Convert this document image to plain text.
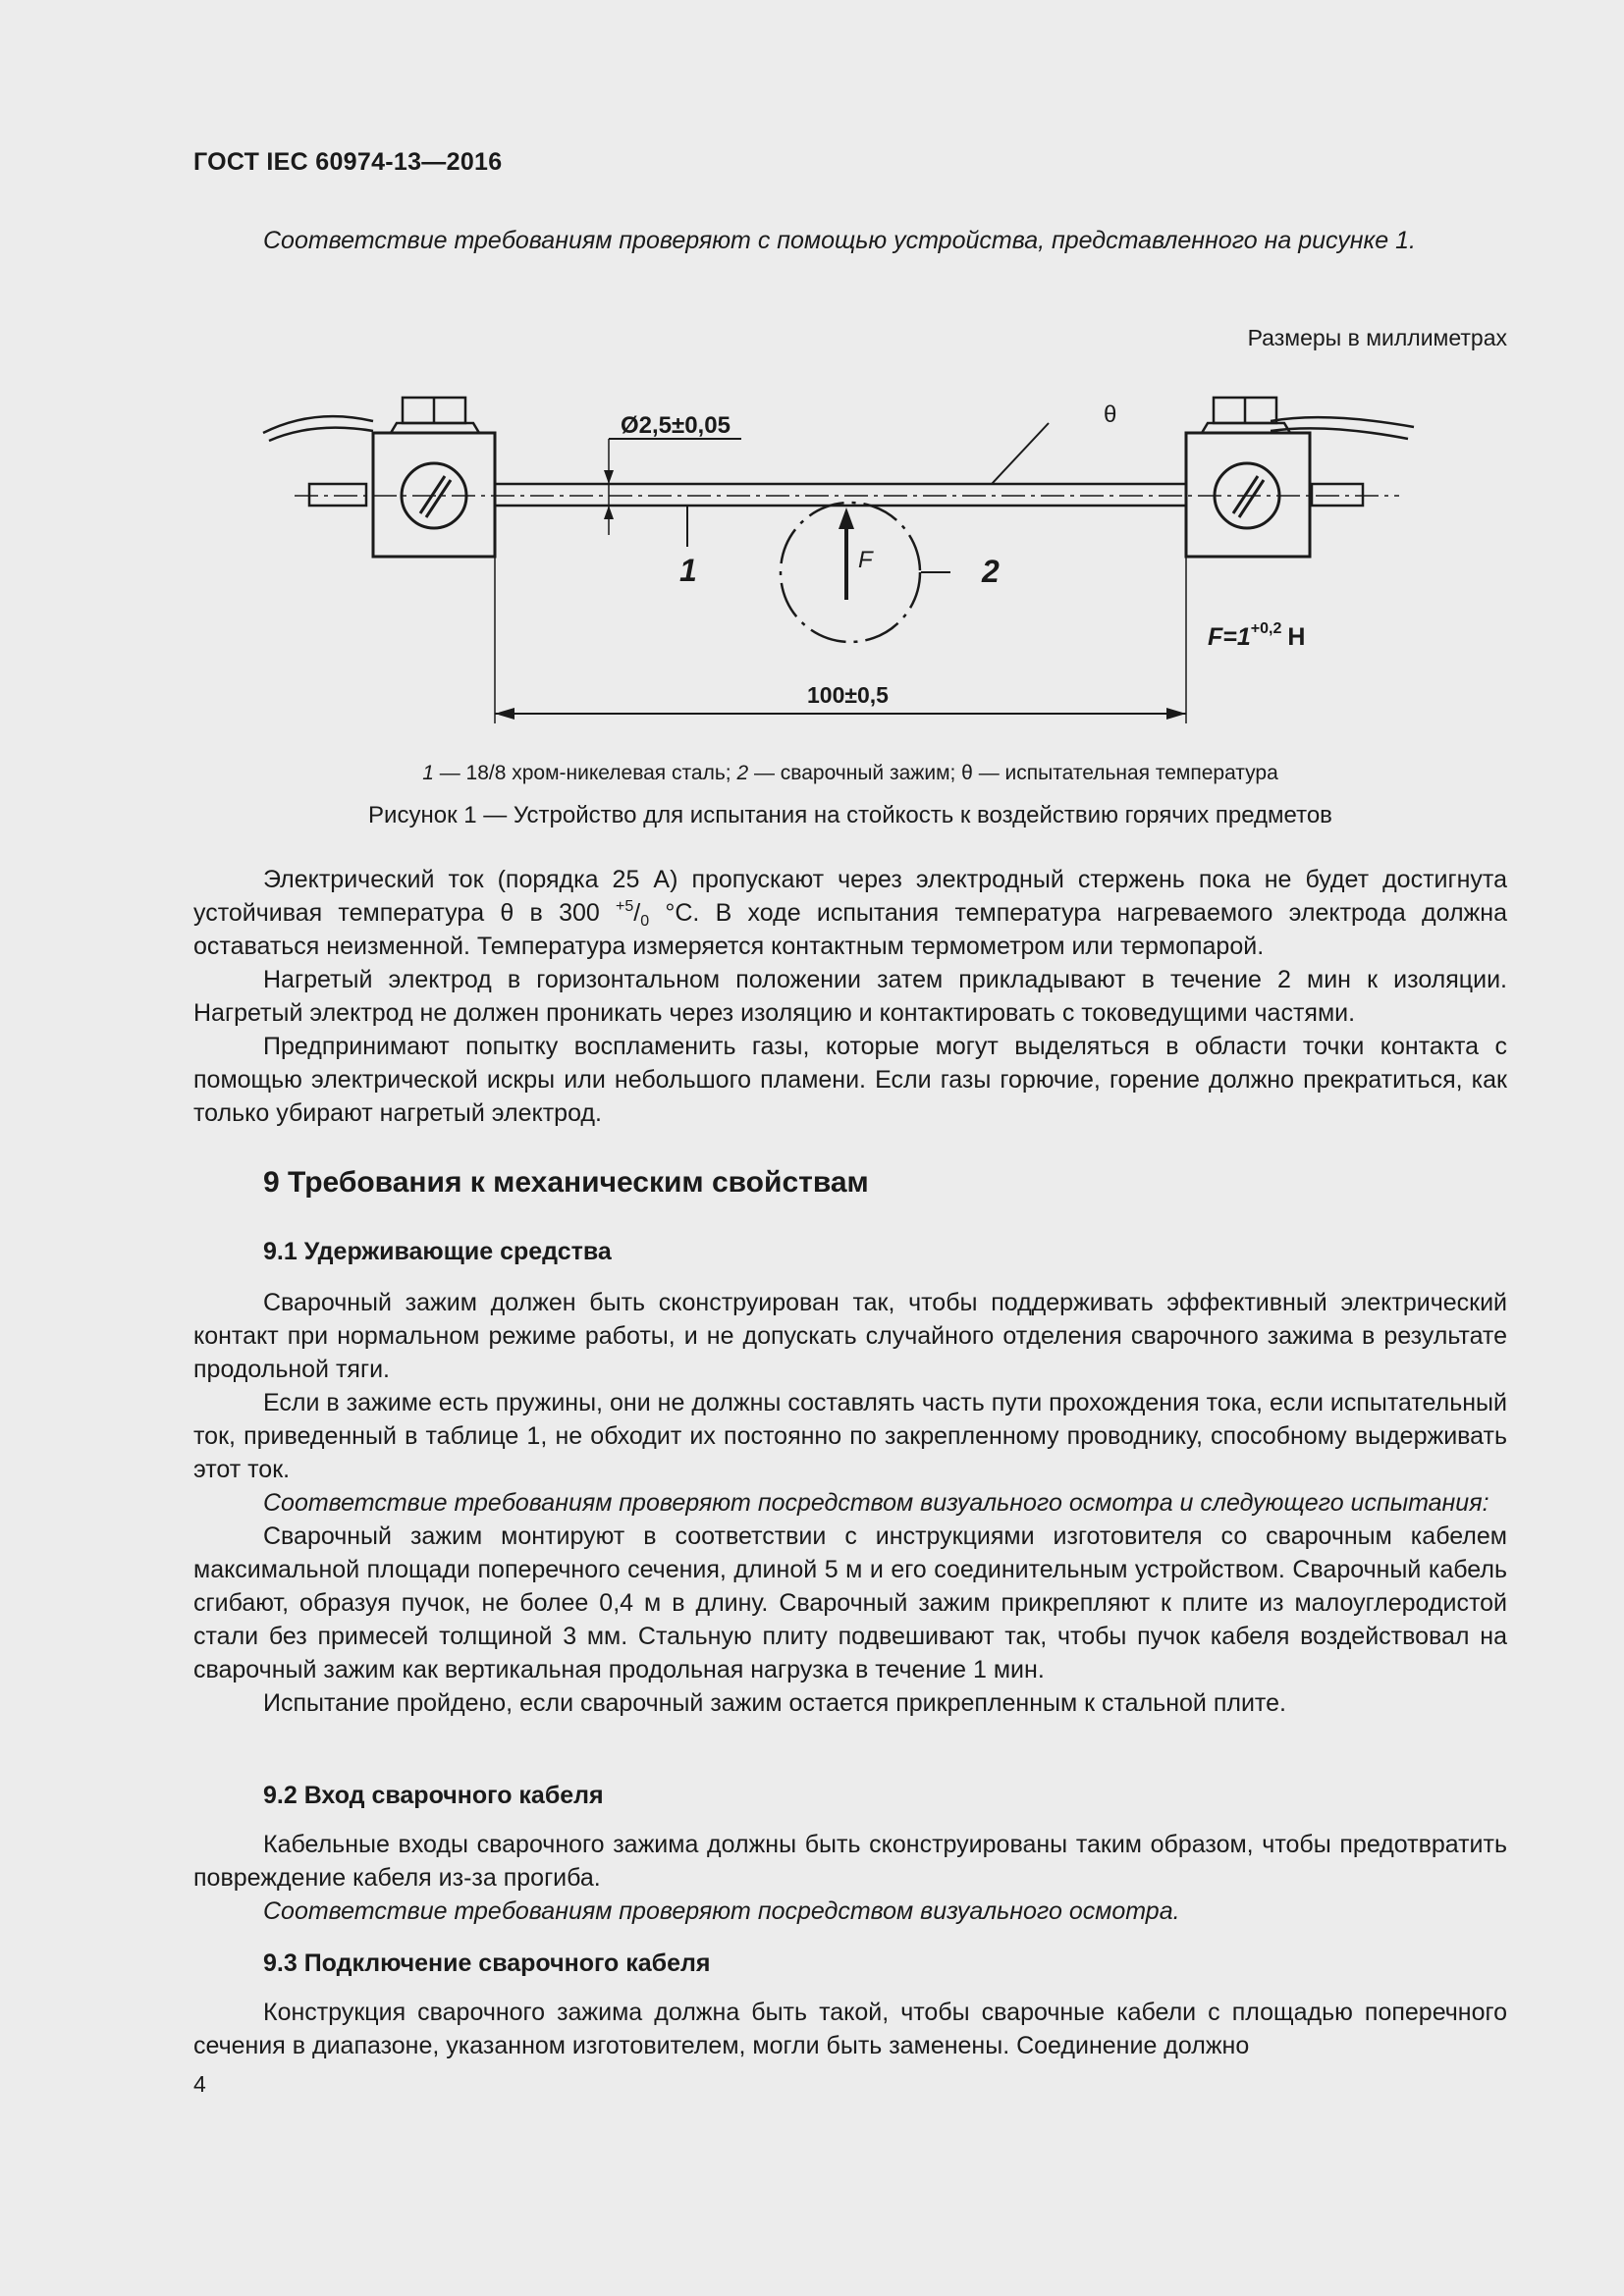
ГОСТ IEC 60974-13—2016

Соответствие требованиям проверяют с помощью устройства, представленного на рисунке 1.

Размеры в миллиметрах
Ø2,5±0,05	θ
1	2
F
$F=1^{+0,2}$ Н
100±0,5
1 — 18/8 хром-никелевая сталь; 2 — сварочный зажим; θ — испытательная температура
Рисунок 1 — Устройство для испытания на стойкость к воздействию горячих предметов

Электрический ток (порядка 25 А) пропускают через электродный стержень пока не будет достигнута устойчивая температура θ в 300 $^{+5}/_0$ °С. В ходе испытания температура нагреваемого электрода должна оставаться неизменной. Температура измеряется контактным термометром или термопарой.

Нагретый электрод в горизонтальном положении затем прикладывают в течение 2 мин к изоляции. Нагретый электрод не должен проникать через изоляцию и контактировать с токоведущими частями.

Предпринимают попытку воспламенить газы, которые могут выделяться в области точки контакта с помощью электрической искры или небольшого пламени. Если газы горючие, горение должно прекратиться, как только убирают нагретый электрод.

9 Требования к механическим свойствам
9.1 Удерживающие средства

Сварочный зажим должен быть сконструирован так, чтобы поддерживать эффективный электрический контакт при нормальном режиме работы, и не допускать случайного отделения сварочного зажима в результате продольной тяги.

Если в зажиме есть пружины, они не должны составлять часть пути прохождения тока, если испытательный ток, приведенный в таблице 1, не обходит их постоянно по закрепленному проводнику, способному выдерживать этот ток.

Соответствие требованиям проверяют посредством визуального осмотра и следующего испытания:

Сварочный зажим монтируют в соответствии с инструкциями изготовителя со сварочным кабелем максимальной площади поперечного сечения, длиной 5 м и его соединительным устройством. Сварочный кабель сгибают, образуя пучок, не более 0,4 м в длину. Сварочный зажим прикрепляют к плите из малоуглеродистой стали без примесей толщиной 3 мм. Стальную плиту подвешивают так, чтобы пучок кабеля воздействовал на сварочный зажим как вертикальная продольная нагрузка в течение 1 мин.

Испытание пройдено, если сварочный зажим остается прикрепленным к стальной плите.

9.2 Вход сварочного кабеля

Кабельные входы сварочного зажима должны быть сконструированы таким образом, чтобы предотвратить повреждение кабеля из-за прогиба.

Соответствие требованиям проверяют посредством визуального осмотра.

9.3 Подключение сварочного кабеля

Конструкция сварочного зажима должна быть такой, чтобы сварочные кабели с площадью поперечного сечения в диапазоне, указанном изготовителем, могли быть заменены. Соединение должно

4
